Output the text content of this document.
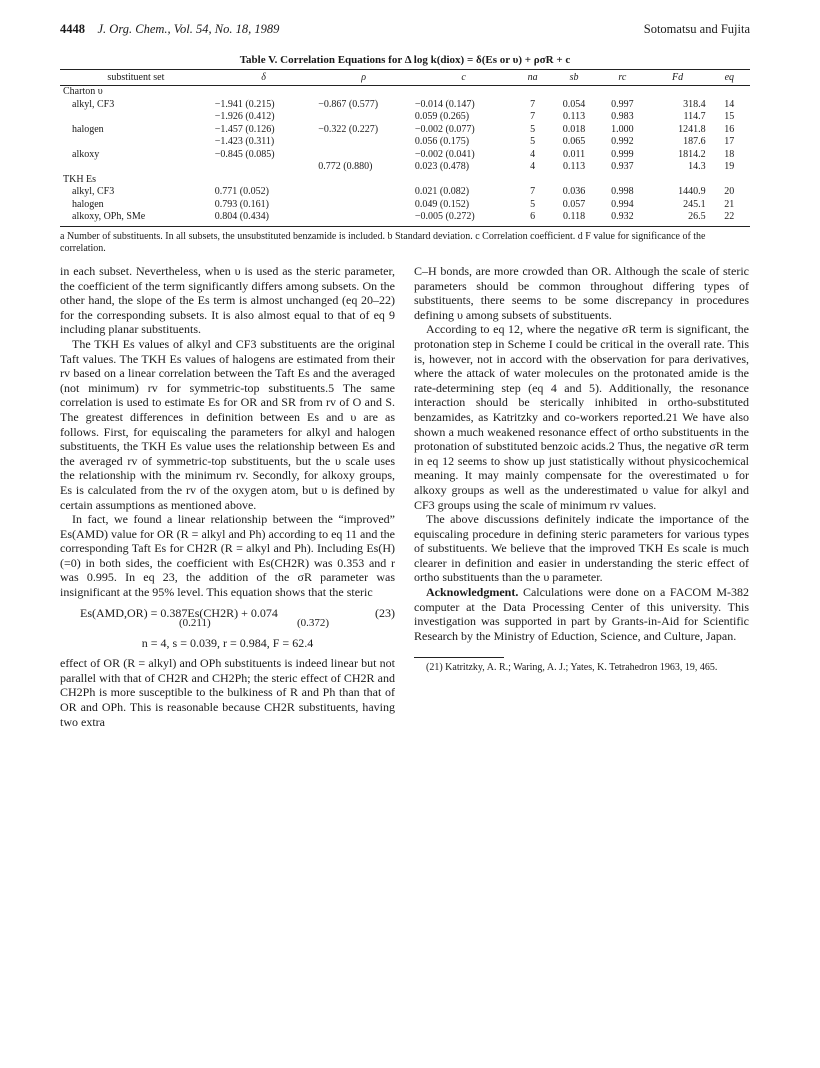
4448 J. Org. Chem., Vol. 54, No. 18, 1989	Sotomatsu and Fujita
Table V. Correlation Equations for Δ log k(diox) = δ(Es or υ) + ρσR + c
substituent set	δ	ρ	c	na	sb	rc	Fd	eq
Charton υ								
alkyl, CF3	−1.941 (0.215)	−0.867 (0.577)	−0.014 (0.147)	7	0.054	0.997	318.4	14
	−1.926 (0.412)		0.059 (0.265)	7	0.113	0.983	114.7	15
halogen	−1.457 (0.126)	−0.322 (0.227)	−0.002 (0.077)	5	0.018	1.000	1241.8	16
	−1.423 (0.311)		0.056 (0.175)	5	0.065	0.992	187.6	17
alkoxy	−0.845 (0.085)		−0.002 (0.041)	4	0.011	0.999	1814.2	18
		0.772 (0.880)	0.023 (0.478)	4	0.113	0.937	14.3	19
TKH Es								
alkyl, CF3	0.771 (0.052)		0.021 (0.082)	7	0.036	0.998	1440.9	20
halogen	0.793 (0.161)		0.049 (0.152)	5	0.057	0.994	245.1	21
alkoxy, OPh, SMe	0.804 (0.434)		−0.005 (0.272)	6	0.118	0.932	26.5	22
a Number of substituents. In all subsets, the unsubstituted benzamide is included. b Standard deviation. c Correlation coefficient. d F value for significance of the correlation.

in each subset. Nevertheless, when υ is used as the steric parameter, the coefficient of the term significantly differs among subsets. On the other hand, the slope of the Es term is almost unchanged (eq 20–22) for the corresponding subsets. It is also almost equal to that of eq 9 including planar substituents.

The TKH Es values of alkyl and CF3 substituents are the original Taft values. The TKH Es values of halogens are estimated from their rv based on a linear correlation between the Taft Es and the averaged (not minimum) rv for symmetric-top substituents.5 The same correlation is used to estimate Es for OR and SR from rv of O and S. The greatest differences in definition between Es and υ are as follows. First, for equiscaling the parameters for alkyl and halogen substituents, the TKH Es value uses the relationship between Es and the averaged rv of symmetric-top substituents, but the υ scale uses the relationship with the minimum rv. Secondly, for alkoxy groups, Es is calculated from the rv of the oxygen atom, but υ is defined by certain assumptions as mentioned above.

In fact, we found a linear relationship between the “improved” Es(AMD) value for OR (R = alkyl and Ph) according to eq 11 and the corresponding Taft Es for CH2R (R = alkyl and Ph). Including Es(H) (=0) in both sides, the coefficient with Es(CH2R) was 0.353 and r was 0.995. In eq 23, the addition of the σR parameter was insignificant at the 95% level. This equation shows that the steric

Es(AMD,OR) = 0.387Es(CH2R) + 0.074	(23)
(0.211)	(0.372)
n = 4, s = 0.039, r = 0.984, F = 62.4

effect of OR (R = alkyl) and OPh substituents is indeed linear but not parallel with that of CH2R and CH2Ph; the steric effect of CH2R and CH2Ph is more susceptible to the bulkiness of R and Ph than that of OR and OPh. This is reasonable because CH2R substituents, having two extra

C–H bonds, are more crowded than OR. Although the scale of steric parameters should be common throughout differing types of substituents, there seems to be some discrepancy in procedures defining υ among subsets of substituents.

According to eq 12, where the negative σR term is significant, the protonation step in Scheme I could be critical in the overall rate. This is, however, not in accord with the observation for para derivatives, where the attack of water molecules on the protonated amide is the rate-determining step (eq 4 and 5). Additionally, the resonance interaction should be sterically inhibited in ortho-substituted benzamides, as Katritzky and co-workers reported.21 We have also shown a much weakened resonance effect of ortho substituents in the protonation of substituted benzoic acids.2 Thus, the negative σR term in eq 12 seems to show up just statistically without physicochemical meaning. It may mainly compensate for the overestimated υ for alkoxy groups as well as the underestimated υ value for alkyl and CF3 groups using the scale of minimum rv values.

The above discussions definitely indicate the importance of the equiscaling procedure in defining steric parameters for various types of substituents. We believe that the improved TKH Es scale is much clearer in definition and easier in understanding the steric effect of ortho substituents than the υ parameter.

Acknowledgment. Calculations were done on a FACOM M-382 computer at the Data Processing Center of this university. This investigation was supported in part by Grants-in-Aid for Scientific Research by the Ministry of Eduction, Science, and Culture, Japan.

(21) Katritzky, A. R.; Waring, A. J.; Yates, K. Tetrahedron 1963, 19, 465.
